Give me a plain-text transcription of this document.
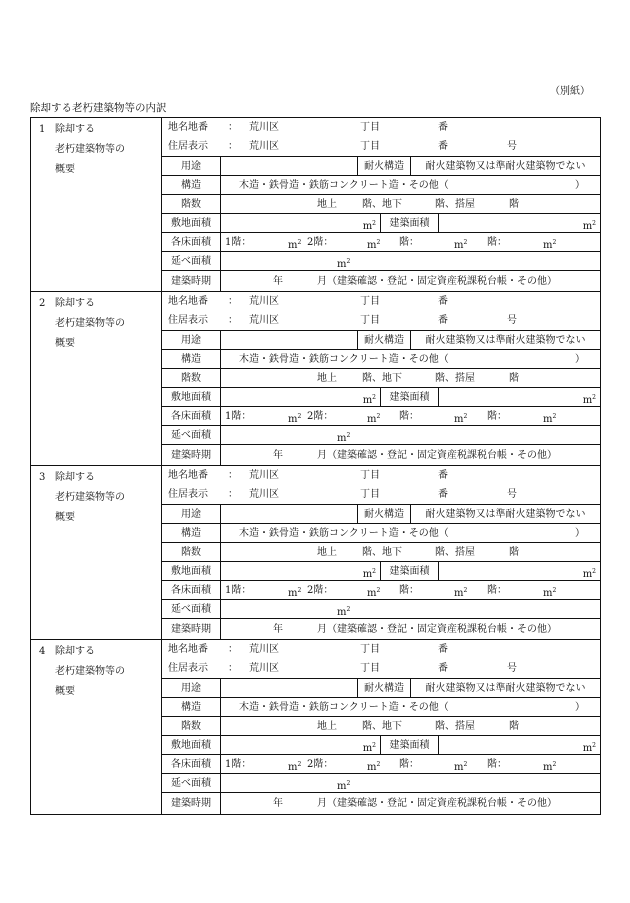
（別紙）
除却する老朽建築物等の内訳
1 除却する
老朽建築物等の
概要
地名地番 ： 荒川区	丁目	番
住居表示 ： 荒川区	丁目	番	号
用途	耐火構造	耐火建築物又は準耐火建築物でない
構造	木造・鉄骨造・鉄筋コンクリート造・その他（	）
階数	地上	階、地下	階、搭屋	階
敷地面積	$m^2$	建築面積	$m^2$
各床面積	1階：	$m^2$ 2階：	$m^2$ 階：	$m^2$ 階：	$m^2$
延べ面積	$m^2$
建築時期	年	月（建築確認・登記・固定資産税課税台帳・その他）
2 除却する
老朽建築物等の
概要
地名地番 ： 荒川区	丁目	番
住居表示 ： 荒川区	丁目	番	号
用途	耐火構造	耐火建築物又は準耐火建築物でない
構造	木造・鉄骨造・鉄筋コンクリート造・その他（	）
階数	地上	階、地下	階、搭屋	階
敷地面積	$m^2$	建築面積	$m^2$
各床面積	1階：	$m^2$ 2階：	$m^2$ 階：	$m^2$ 階：	$m^2$
延べ面積	$m^2$
建築時期	年	月（建築確認・登記・固定資産税課税台帳・その他）
3 除却する
老朽建築物等の
概要
地名地番 ： 荒川区	丁目	番
住居表示 ： 荒川区	丁目	番	号
用途	耐火構造	耐火建築物又は準耐火建築物でない
構造	木造・鉄骨造・鉄筋コンクリート造・その他（	）
階数	地上	階、地下	階、搭屋	階
敷地面積	$m^2$	建築面積	$m^2$
各床面積	1階：	$m^2$ 2階：	$m^2$ 階：	$m^2$ 階：	$m^2$
延べ面積	$m^2$
建築時期	年	月（建築確認・登記・固定資産税課税台帳・その他）
4 除却する
老朽建築物等の
概要
地名地番 ： 荒川区	丁目	番
住居表示 ： 荒川区	丁目	番	号
用途	耐火構造	耐火建築物又は準耐火建築物でない
構造	木造・鉄骨造・鉄筋コンクリート造・その他（	）
階数	地上	階、地下	階、搭屋	階
敷地面積	$m^2$	建築面積	$m^2$
各床面積	1階：	$m^2$ 2階：	$m^2$ 階：	$m^2$ 階：	$m^2$
延べ面積	$m^2$
建築時期	年	月（建築確認・登記・固定資産税課税台帳・その他）
